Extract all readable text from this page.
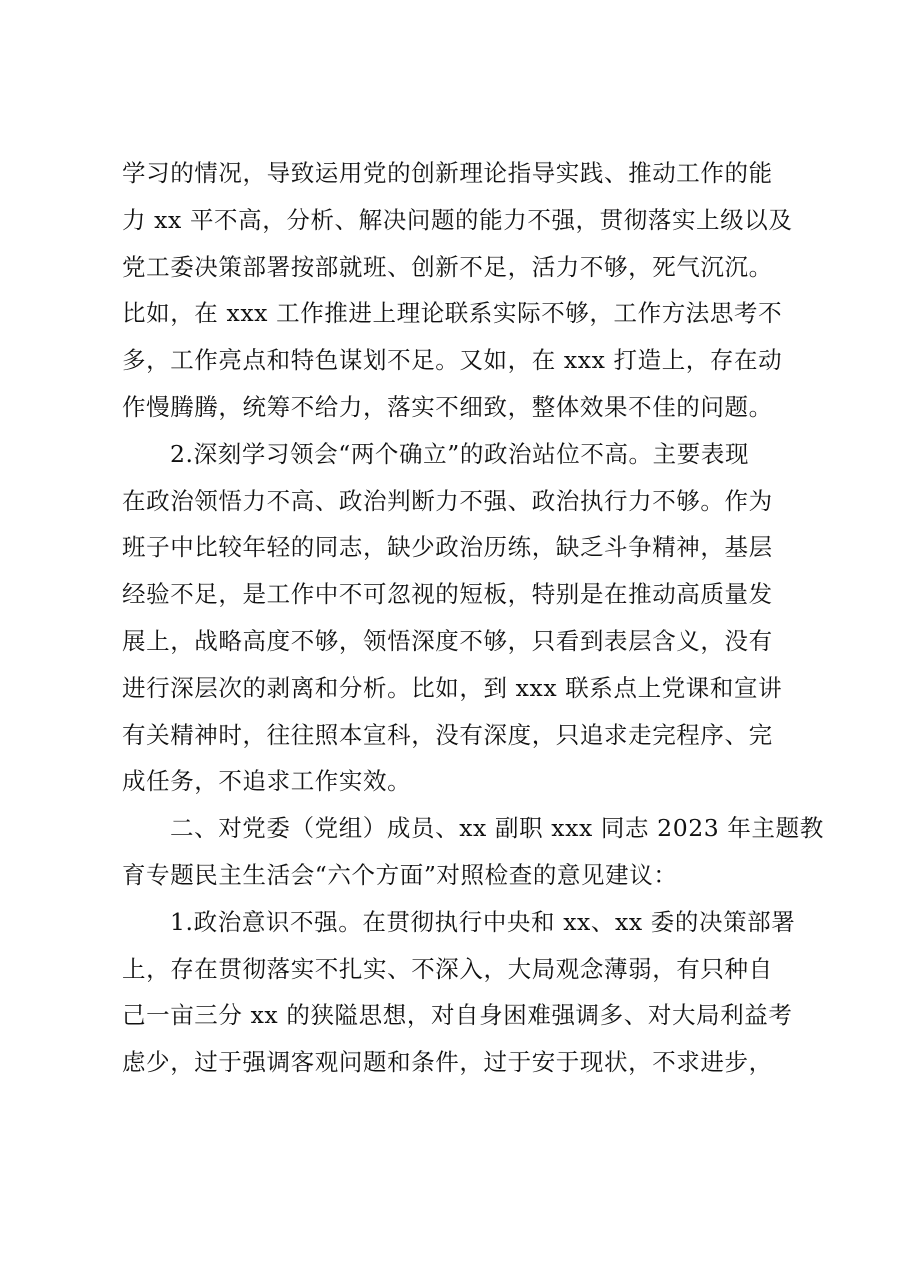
学习的情况，导致运用党的创新理论指导实践、推动工作的能
力 xx 平不高，分析、解决问题的能力不强，贯彻落实上级以及
党工委决策部署按部就班、创新不足，活力不够，死气沉沉。
比如，在 xxx 工作推进上理论联系实际不够，工作方法思考不
多，工作亮点和特色谋划不足。又如，在 xxx 打造上，存在动
作慢腾腾，统筹不给力，落实不细致，整体效果不佳的问题。
2.深刻学习领会“两个确立”的政治站位不高。主要表现
在政治领悟力不高、政治判断力不强、政治执行力不够。作为
班子中比较年轻的同志，缺少政治历练，缺乏斗争精神，基层
经验不足，是工作中不可忽视的短板，特别是在推动高质量发
展上，战略高度不够，领悟深度不够，只看到表层含义，没有
进行深层次的剥离和分析。比如，到 xxx 联系点上党课和宣讲
有关精神时，往往照本宣科，没有深度，只追求走完程序、完
成任务，不追求工作实效。
二、对党委（党组）成员、xx 副职 xxx 同志 2023 年主题教
育专题民主生活会“六个方面”对照检查的意见建议：
1.政治意识不强。在贯彻执行中央和 xx、xx 委的决策部署
上，存在贯彻落实不扎实、不深入，大局观念薄弱，有只种自
己一亩三分 xx 的狭隘思想，对自身困难强调多、对大局利益考
虑少，过于强调客观问题和条件，过于安于现状，不求进步，
